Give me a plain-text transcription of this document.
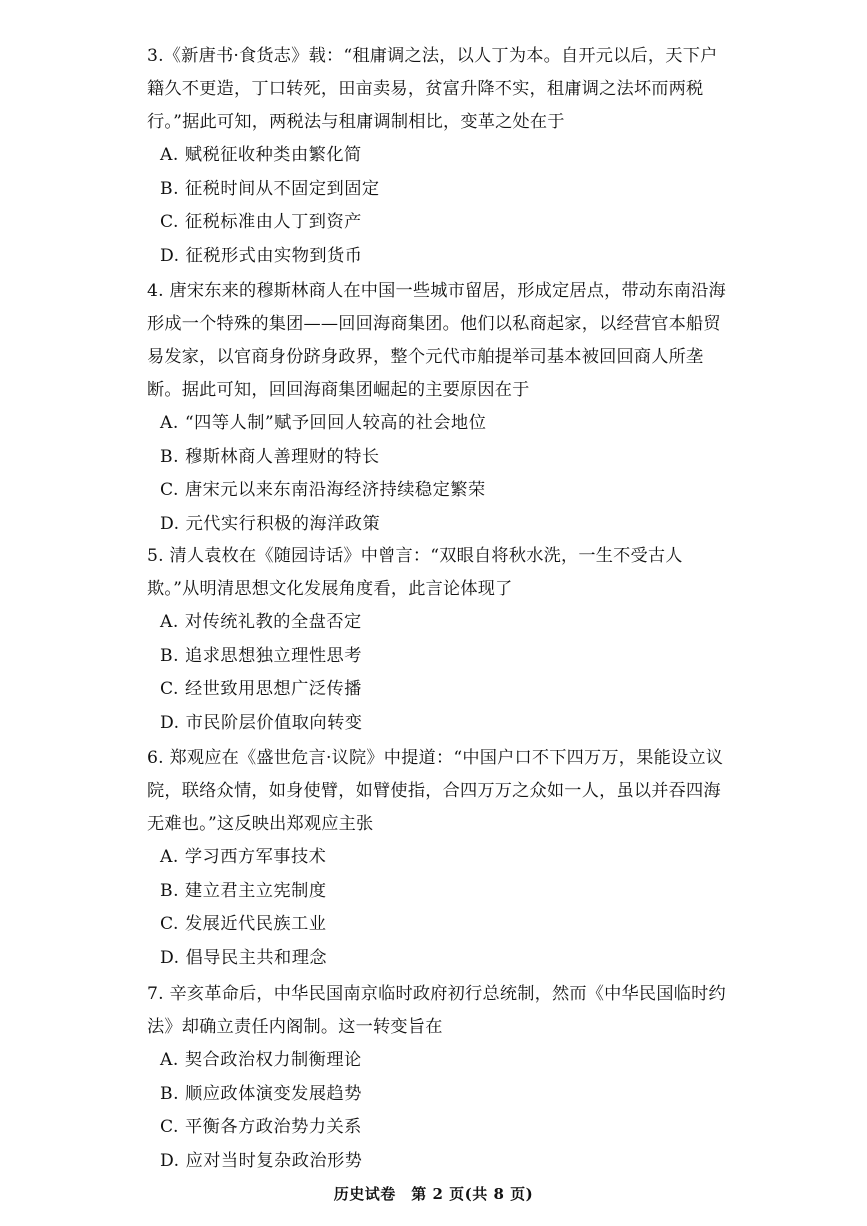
3.《新唐书·食货志》载：“租庸调之法，以人丁为本。自开元以后，天下户籍久不更造，丁口转死，田亩卖易，贫富升降不实，租庸调之法坏而两税行。”据此可知，两税法与租庸调制相比，变革之处在于

A. 赋税征收种类由繁化简

B. 征税时间从不固定到固定

C. 征税标准由人丁到资产

D. 征税形式由实物到货币

4. 唐宋东来的穆斯林商人在中国一些城市留居，形成定居点，带动东南沿海形成一个特殊的集团——回回海商集团。他们以私商起家，以经营官本船贸易发家，以官商身份跻身政界，整个元代市舶提举司基本被回回商人所垄断。据此可知，回回海商集团崛起的主要原因在于

A. “四等人制”赋予回回人较高的社会地位

B. 穆斯林商人善理财的特长

C. 唐宋元以来东南沿海经济持续稳定繁荣

D. 元代实行积极的海洋政策

5. 清人袁枚在《随园诗话》中曾言：“双眼自将秋水洗，一生不受古人欺。”从明清思想文化发展角度看，此言论体现了

A. 对传统礼教的全盘否定

B. 追求思想独立理性思考

C. 经世致用思想广泛传播

D. 市民阶层价值取向转变

6. 郑观应在《盛世危言·议院》中提道：“中国户口不下四万万，果能设立议院，联络众情，如身使臂，如臂使指，合四万万之众如一人，虽以并吞四海无难也。”这反映出郑观应主张

A. 学习西方军事技术

B. 建立君主立宪制度

C. 发展近代民族工业

D. 倡导民主共和理念

7. 辛亥革命后，中华民国南京临时政府初行总统制，然而《中华民国临时约法》却确立责任内阁制。这一转变旨在

A. 契合政治权力制衡理论

B. 顺应政体演变发展趋势

C. 平衡各方政治势力关系

D. 应对当时复杂政治形势

历史试卷　第 2 页(共 8 页)
